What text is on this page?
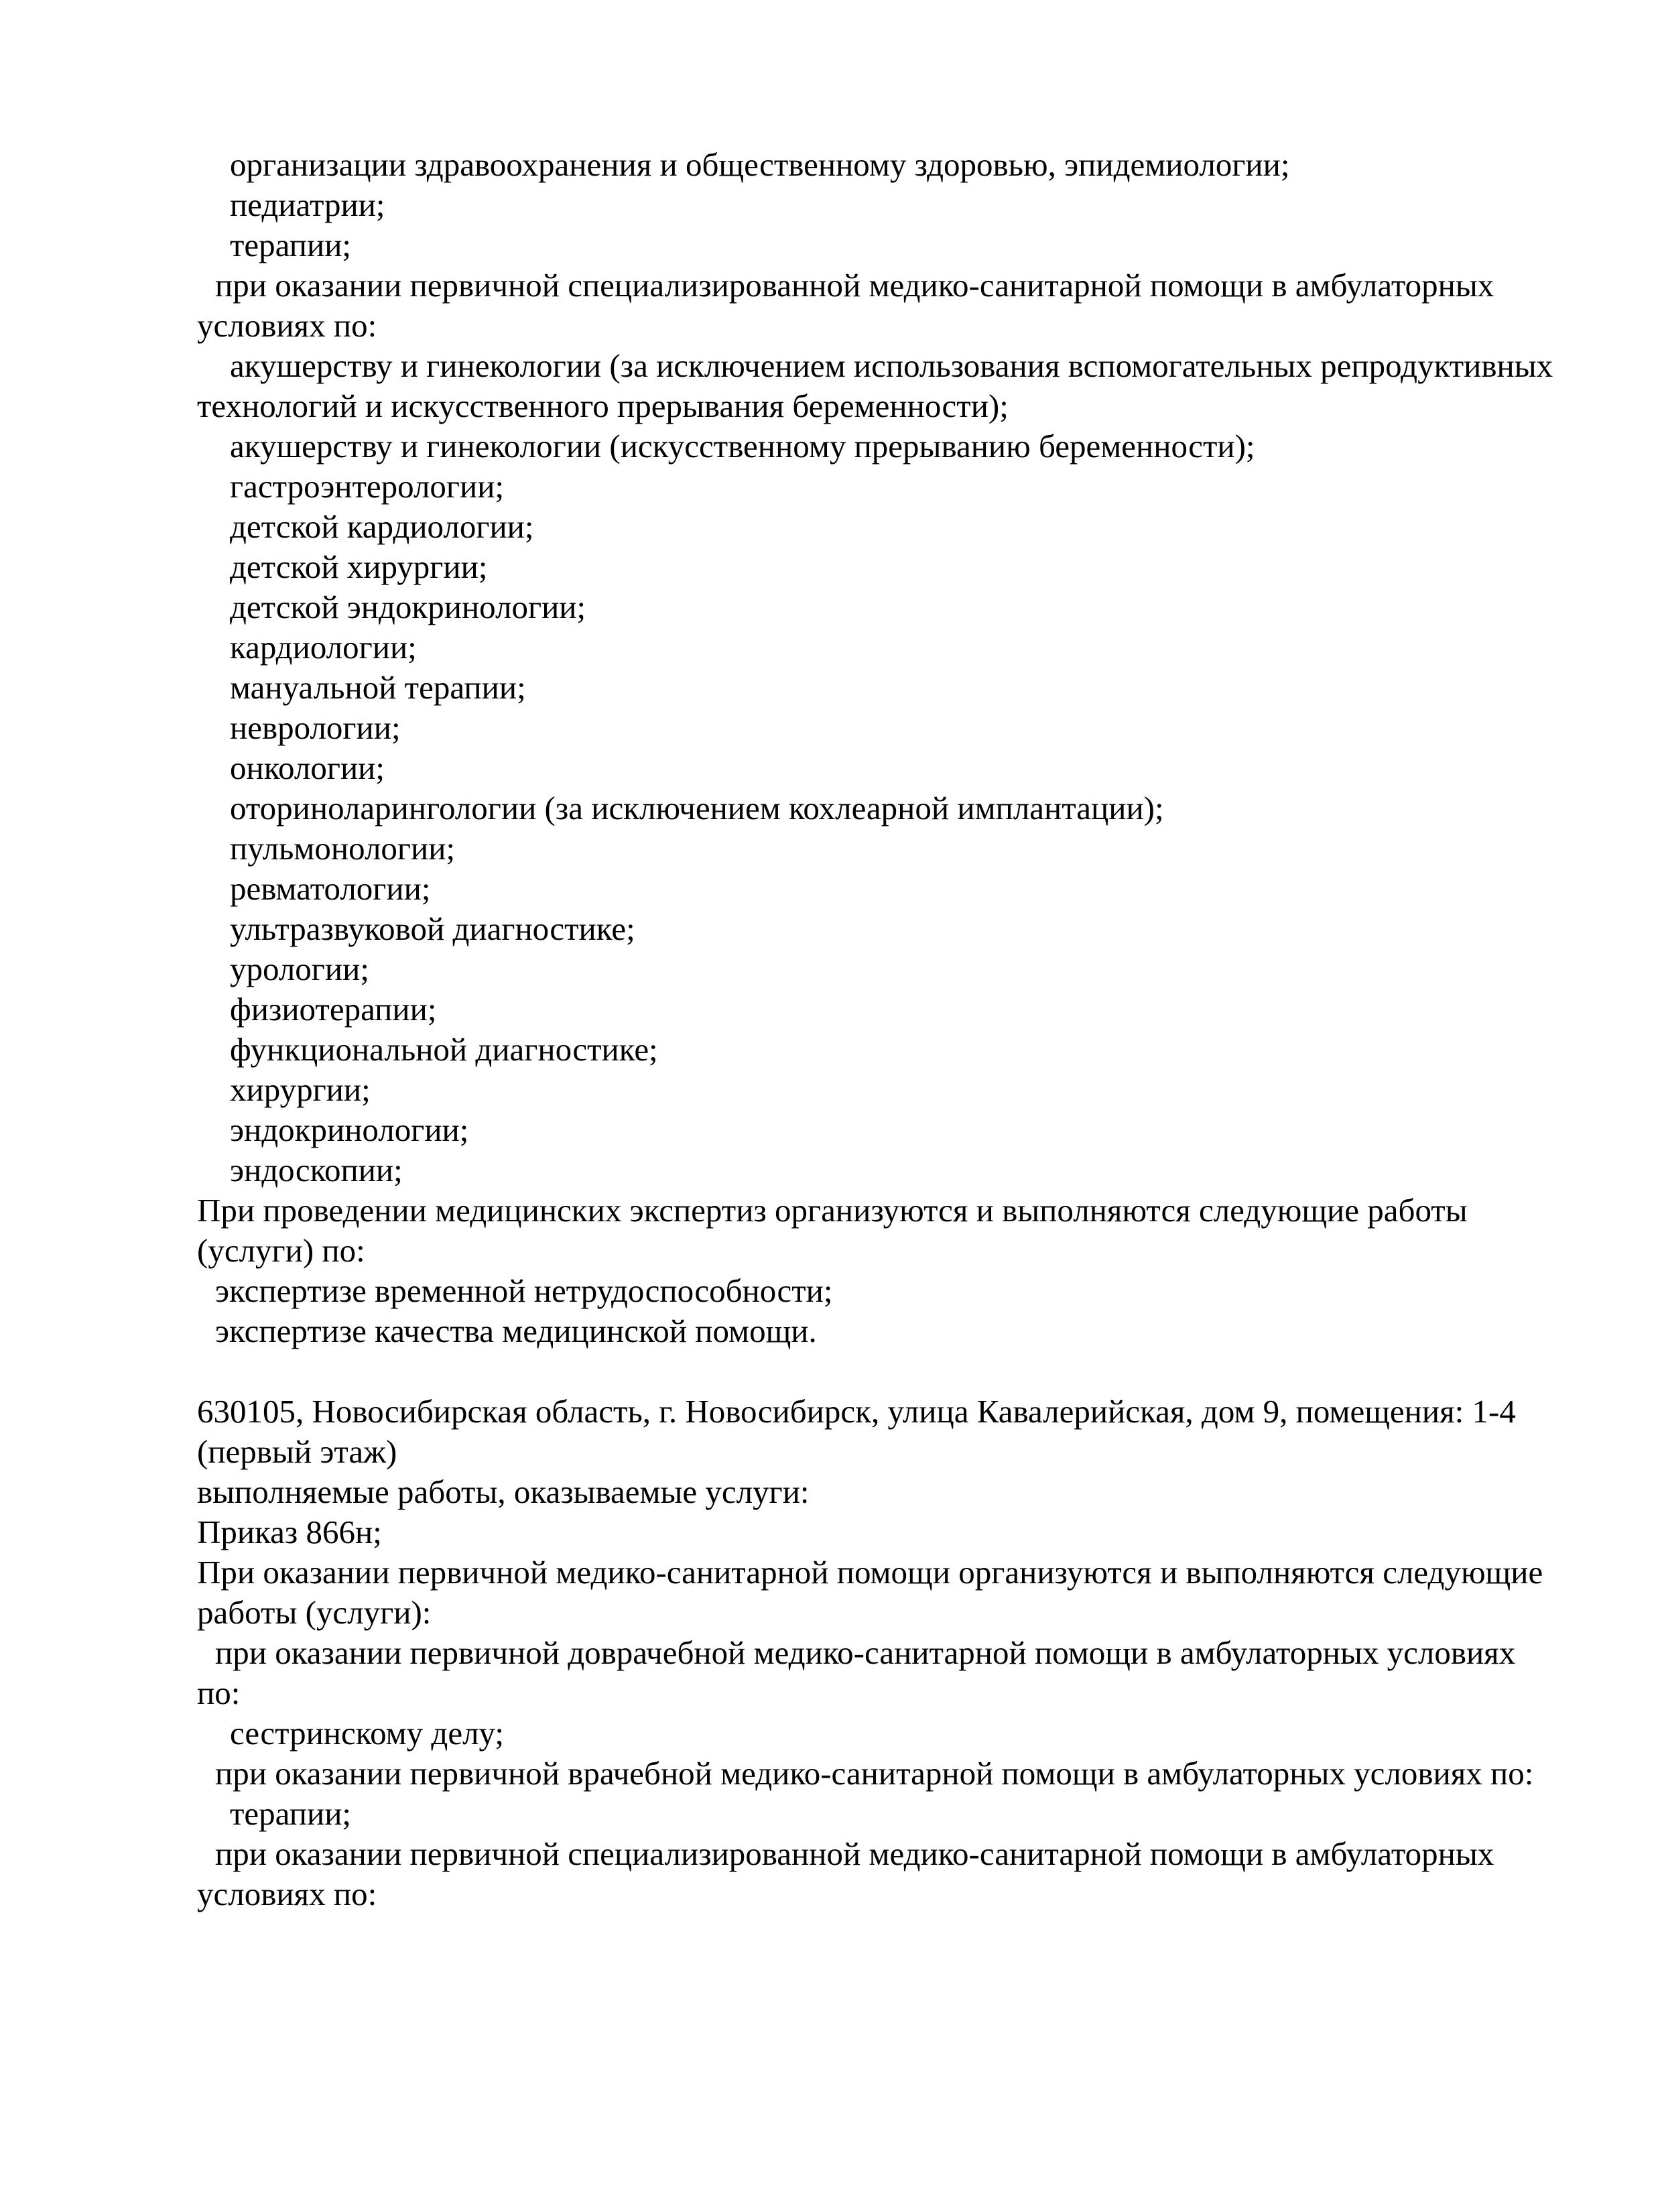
организации здравоохранения и общественному здоровью, эпидемиологии;
педиатрии;
терапии;
при оказании первичной специализированной медико-санитарной помощи в амбулаторных
условиях по:
акушерству и гинекологии (за исключением использования вспомогательных репродуктивных
технологий и искусственного прерывания беременности);
акушерству и гинекологии (искусственному прерыванию беременности);
гастроэнтерологии;
детской кардиологии;
детской хирургии;
детской эндокринологии;
кардиологии;
мануальной терапии;
неврологии;
онкологии;
оториноларингологии (за исключением кохлеарной имплантации);
пульмонологии;
ревматологии;
ультразвуковой диагностике;
урологии;
физиотерапии;
функциональной диагностике;
хирургии;
эндокринологии;
эндоскопии;
При проведении медицинских экспертиз организуются и выполняются следующие работы
(услуги) по:
экспертизе временной нетрудоспособности;
экспертизе качества медицинской помощи.

630105, Новосибирская область, г. Новосибирск, улица Кавалерийская, дом 9, помещения: 1-4
(первый этаж)
выполняемые работы, оказываемые услуги:
Приказ 866н;
При оказании первичной медико-санитарной помощи организуются и выполняются следующие
работы (услуги):
при оказании первичной доврачебной медико-санитарной помощи в амбулаторных условиях
по:
сестринскому делу;
при оказании первичной врачебной медико-санитарной помощи в амбулаторных условиях по:
терапии;
при оказании первичной специализированной медико-санитарной помощи в амбулаторных
условиях по:
